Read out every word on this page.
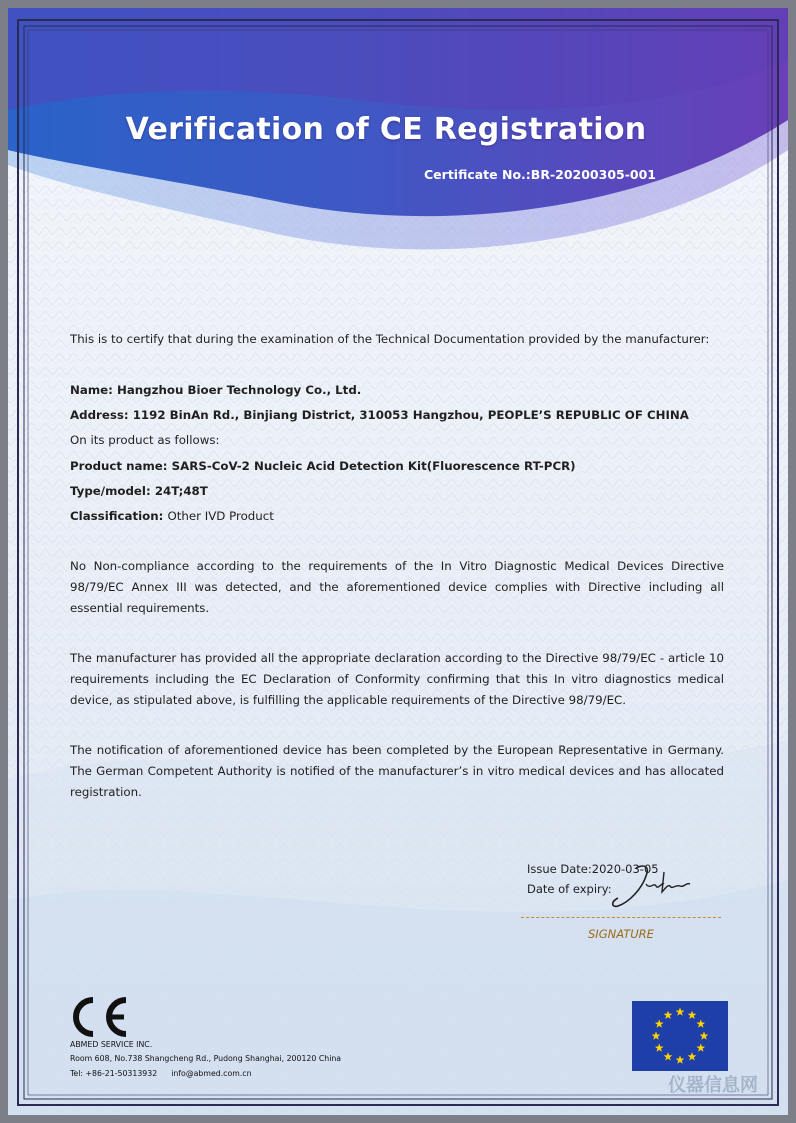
Verification of CE Registration
Certificate No.:BR-20200305-001
This is to certify that during the examination of the Technical Documentation provided by the manufacturer:
Name: Hangzhou Bioer Technology Co., Ltd.
Address: 1192 BinAn Rd., Binjiang District, 310053 Hangzhou, PEOPLE’S REPUBLIC OF CHINA
On its product as follows:
Product name: SARS-CoV-2 Nucleic Acid Detection Kit(Fluorescence RT-PCR)
Type/model: 24T;48T
Classification: Other IVD Product
No Non-compliance according to the requirements of the In Vitro Diagnostic Medical Devices Directive 98/79/EC Annex III was detected, and the aforementioned device complies with Directive including all essential requirements.
The manufacturer has provided all the appropriate declaration according to the Directive 98/79/EC - article 10 requirements including the EC Declaration of Conformity confirming that this In vitro diagnostics medical device, as stipulated above, is fulfilling the applicable requirements of the Directive 98/79/EC.
The notification of aforementioned device has been completed by the European Representative in Germany. The German Competent Authority is notified of the manufacturer’s in vitro medical devices and has allocated registration.
Issue Date:2020-03-05
Date of expiry:
SIGNATURE
ABMED SERVICE INC.
Room 608, No.738 Shangcheng Rd., Pudong Shanghai, 200120 China
Tel: +86-21-50313932 info@abmed.com.cn
仪器信息网
